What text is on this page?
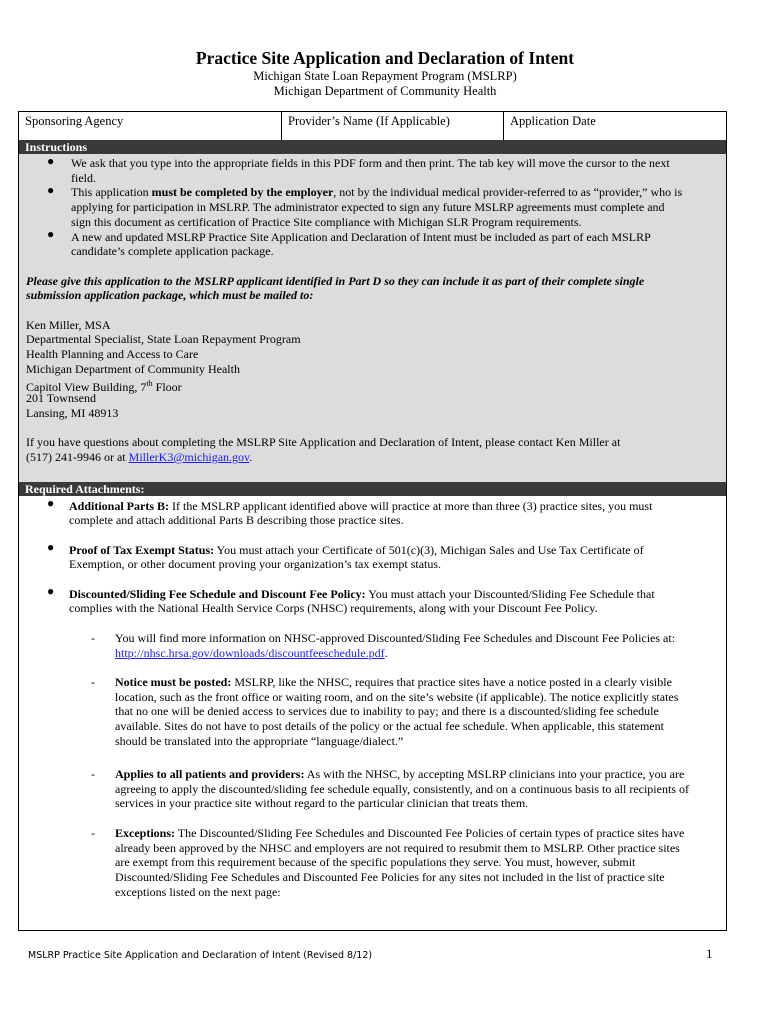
Practice Site Application and Declaration of Intent
Michigan State Loan Repayment Program (MSLRP)
Michigan Department of Community Health
Sponsoring Agency	Provider’s Name (If Applicable)	Application Date
Instructions
● We ask that you type into the appropriate fields in this PDF form and then print. The tab key will move the cursor to the next
field.
● This application must be completed by the employer, not by the individual medical provider-referred to as “provider,” who is
applying for participation in MSLRP. The administrator expected to sign any future MSLRP agreements must complete and
sign this document as certification of Practice Site compliance with Michigan SLR Program requirements.
● A new and updated MSLRP Practice Site Application and Declaration of Intent must be included as part of each MSLRP
candidate’s complete application package.
Please give this application to the MSLRP applicant identified in Part D so they can include it as part of their complete single
submission application package, which must be mailed to:
Ken Miller, MSA
Departmental Specialist, State Loan Repayment Program
Health Planning and Access to Care
Michigan Department of Community Health
Capitol View Building, 7th Floor
201 Townsend
Lansing, MI 48913
If you have questions about completing the MSLRP Site Application and Declaration of Intent, please contact Ken Miller at
(517) 241-9946 or at MillerK3@michigan.gov.
Required Attachments:
● Additional Parts B: If the MSLRP applicant identified above will practice at more than three (3) practice sites, you must
complete and attach additional Parts B describing those practice sites.
● Proof of Tax Exempt Status: You must attach your Certificate of 501(c)(3), Michigan Sales and Use Tax Certificate of
Exemption, or other document proving your organization’s tax exempt status.
● Discounted/Sliding Fee Schedule and Discount Fee Policy: You must attach your Discounted/Sliding Fee Schedule that
complies with the National Health Service Corps (NHSC) requirements, along with your Discount Fee Policy.
- You will find more information on NHSC-approved Discounted/Sliding Fee Schedules and Discount Fee Policies at:
http://nhsc.hrsa.gov/downloads/discountfeeschedule.pdf.
- Notice must be posted: MSLRP, like the NHSC, requires that practice sites have a notice posted in a clearly visible
location, such as the front office or waiting room, and on the site’s website (if applicable). The notice explicitly states
that no one will be denied access to services due to inability to pay; and there is a discounted/sliding fee schedule
available. Sites do not have to post details of the policy or the actual fee schedule. When applicable, this statement
should be translated into the appropriate “language/dialect.”
- Applies to all patients and providers: As with the NHSC, by accepting MSLRP clinicians into your practice, you are
agreeing to apply the discounted/sliding fee schedule equally, consistently, and on a continuous basis to all recipients of
services in your practice site without regard to the particular clinician that treats them.
- Exceptions: The Discounted/Sliding Fee Schedules and Discounted Fee Policies of certain types of practice sites have
already been approved by the NHSC and employers are not required to resubmit them to MSLRP. Other practice sites
are exempt from this requirement because of the specific populations they serve. You must, however, submit
Discounted/Sliding Fee Schedules and Discounted Fee Policies for any sites not included in the list of practice site
exceptions listed on the next page:
MSLRP Practice Site Application and Declaration of Intent (Revised 8/12)	1
